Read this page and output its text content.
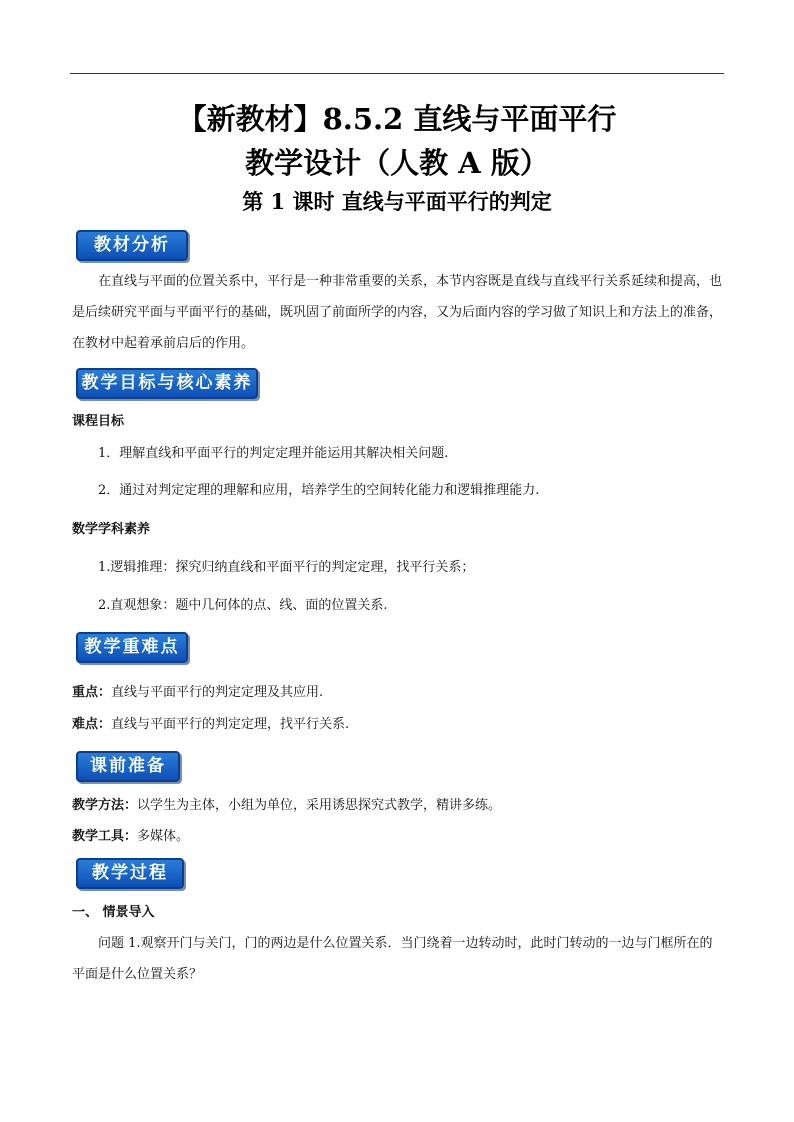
【新教材】8.5.2 直线与平面平行
教学设计（人教 A 版）
第 1 课时 直线与平面平行的判定
教材分析

在直线与平面的位置关系中，平行是一种非常重要的关系，本节内容既是直线与直线平行关系延续和提高，也是后续研究平面与平面平行的基础，既巩固了前面所学的内容，又为后面内容的学习做了知识上和方法上的准备，在教材中起着承前启后的作用。

教学目标与核心素养
课程目标
1．理解直线和平面平行的判定定理并能运用其解决相关问题.
2．通过对判定定理的理解和应用，培养学生的空间转化能力和逻辑推理能力.
数学学科素养
1.逻辑推理：探究归纳直线和平面平行的判定定理，找平行关系；
2.直观想象：题中几何体的点、线、面的位置关系.
教学重难点
重点：直线与平面平行的判定定理及其应用.
难点：直线与平面平行的判定定理，找平行关系.
课前准备
教学方法：以学生为主体，小组为单位，采用诱思探究式教学，精讲多练。
教学工具：多媒体。
教学过程
一、 情景导入

问题 1.观察开门与关门，门的两边是什么位置关系．当门绕着一边转动时，此时门转动的一边与门框所在的平面是什么位置关系？
